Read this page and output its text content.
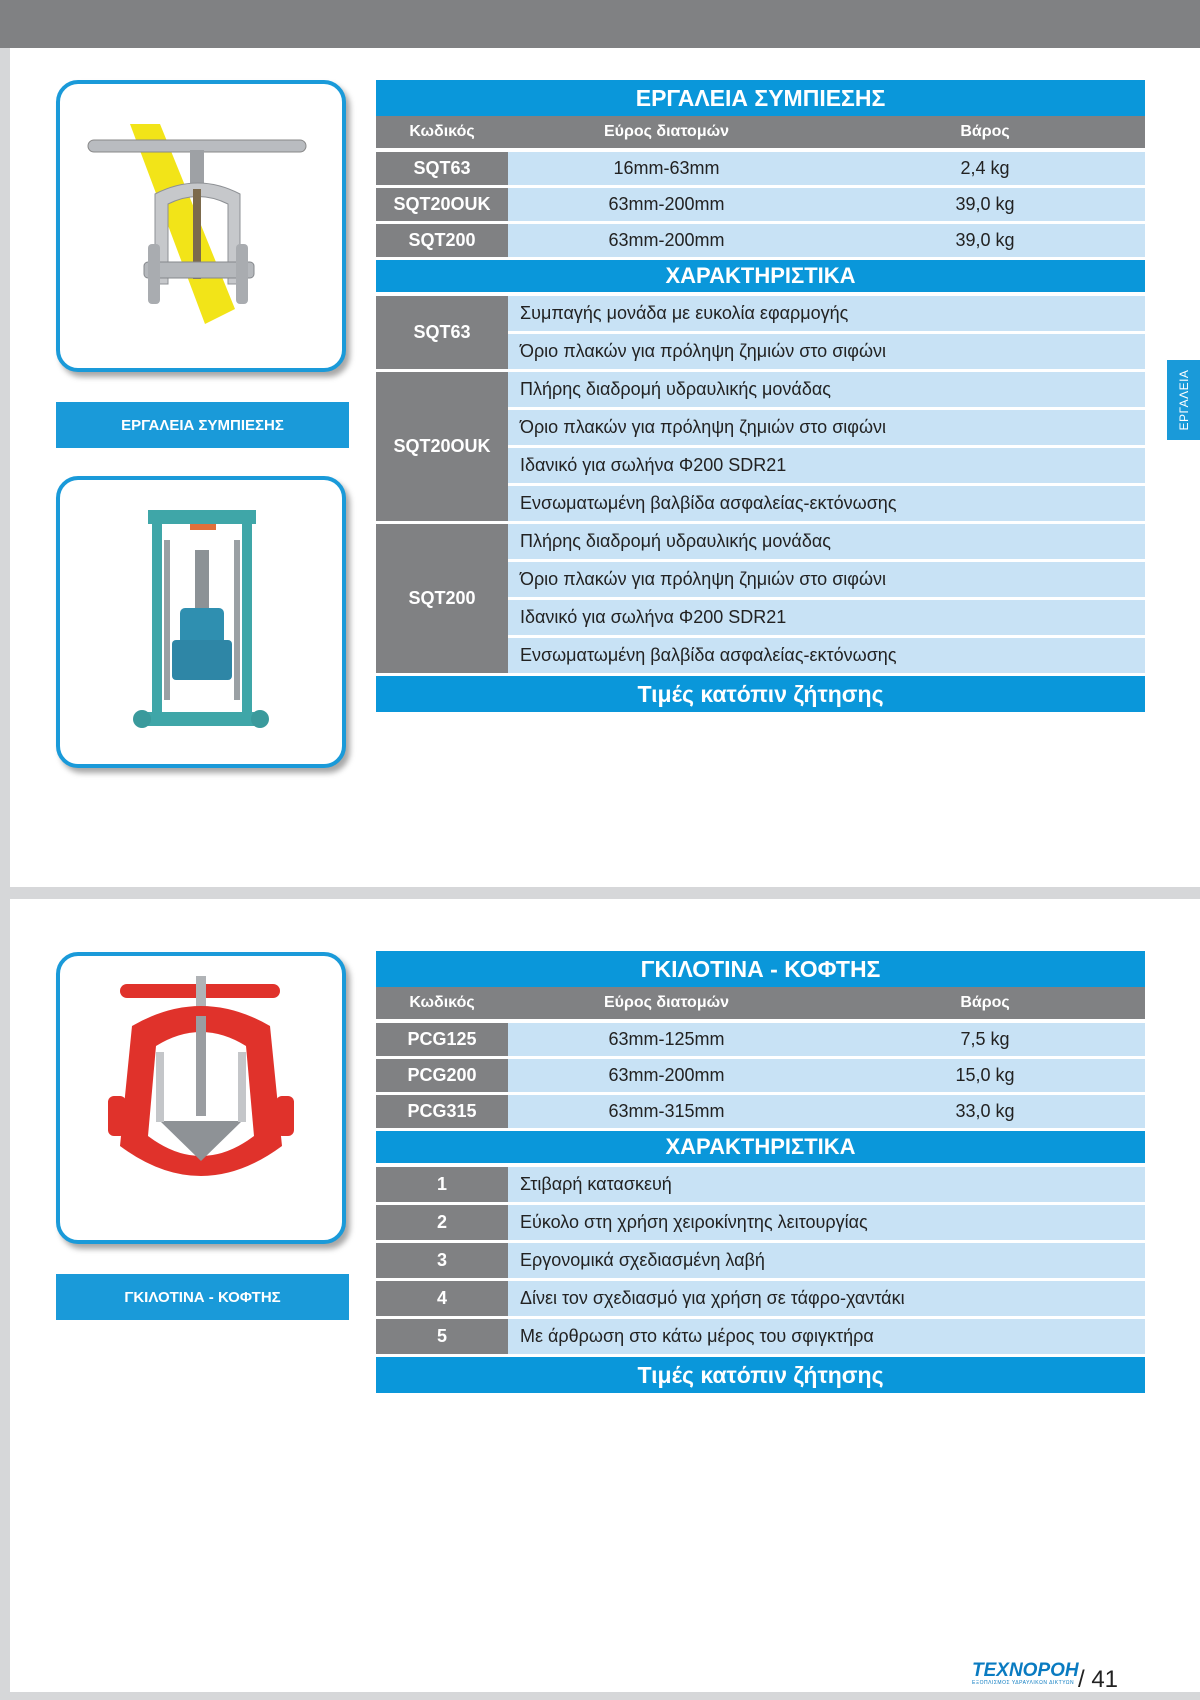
ΕΡΓΑΛΕΙΑ
ΕΡΓΑΛΕΙΑ ΣΥΜΠΙΕΣΗΣ
ΕΡΓΑΛΕΙΑ ΣΥΜΠΙΕΣΗΣ		
Κωδικός	Εύρος διατομών	Βάρος
SQT63	16mm-63mm	2,4 kg
SQT20OUK	63mm-200mm	39,0 kg
SQT200	63mm-200mm	39,0 kg
ΧΑΡΑΚΤΗΡΙΣΤΙΚΑ		
SQT63	Συμπαγής μονάδα με ευκολία εφαρμογής	
	Όριο πλακών για πρόληψη ζημιών στο σιφώνι	
SQT20OUK	Πλήρης διαδρομή υδραυλικής μονάδας	
	Όριο πλακών για πρόληψη ζημιών στο σιφώνι	
	Ιδανικό για σωλήνα Φ200 SDR21	
	Ενσωματωμένη βαλβίδα ασφαλείας-εκτόνωσης	
SQT200	Πλήρης διαδρομή υδραυλικής μονάδας	
	Όριο πλακών για πρόληψη ζημιών στο σιφώνι	
	Ιδανικό για σωλήνα Φ200 SDR21	
	Ενσωματωμένη βαλβίδα ασφαλείας-εκτόνωσης	
Τιμές κατόπιν ζήτησης		
ΓΚΙΛΟΤΙΝΑ - ΚΟΦΤΗΣ
ΓΚΙΛΟΤΙΝΑ - ΚΟΦΤΗΣ		
Κωδικός	Εύρος διατομών	Βάρος
PCG125	63mm-125mm	7,5 kg
PCG200	63mm-200mm	15,0 kg
PCG315	63mm-315mm	33,0 kg
ΧΑΡΑΚΤΗΡΙΣΤΙΚΑ		
1	Στιβαρή κατασκευή	
2	Εύκολο στη χρήση χειροκίνητης λειτουργίας	
3	Εργονομικά σχεδιασμένη λαβή	
4	Δίνει τον σχεδιασμό για χρήση σε τάφρο-χαντάκι	
5	Με άρθρωση στο κάτω μέρος του σφιγκτήρα	
Τιμές κατόπιν ζήτησης		
ΤΕΧΝΟΡΟΗ
ΕΞΟΠΛΙΣΜΟΣ ΥΔΡΑΥΛΙΚΩΝ ΔΙΚΤΥΩΝ / 41
